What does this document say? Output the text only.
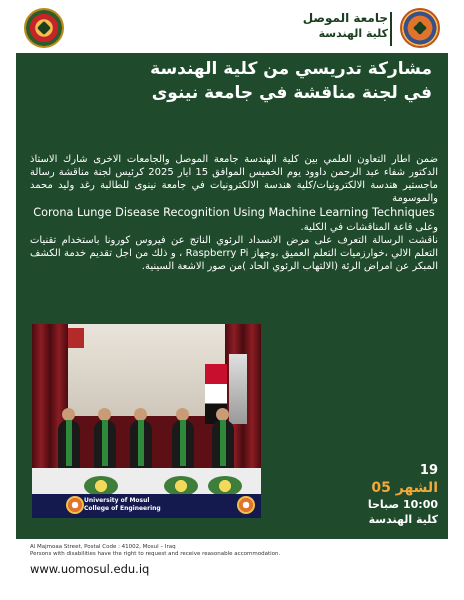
جامعة الموصل
كلية الهندسة
مشاركة تدريسي من كلية الهندسة
في لجنة مناقشة في جامعة نينوى

ضمن اطار التعاون العلمي بين كلية الهندسة جامعة الموصل والجامعات الاخرى شارك الاستاذ الدكتور شفاء عبد الرحمن داوود يوم الخميس الموافق 15 ايار 2025 كرئيس لجنة مناقشة رسالة ماجستير هندسة الالكترونيات/كلية هندسة الالكترونيات في جامعة نينوى للطالبة رغد وليد محمد والموسومة

Corona Lunge Disease Recognition Using Machine Learning Techniques

وعلى قاعة المناقشات في الكلية.

ناقشت الرسالة التعرف على مرض الانسداد الرئوي الناتج عن فيروس كورونا باستخدام تقنيات التعلم الالي ،خوارزميات التعلم العميق ،وجهاز Raspberry Pi ، و ذلك من اجل تقديم خدمة الكشف المبكر عن امراض الرئة (الالتهاب الرئوي الحاد )من صور الاشعة السينية.

University of Mosul
College of Engineering
19
الشهر 05
10:00 صباحا
كلية الهندسة
Al Majmoaa Street, Postal Code : 41002, Mosul – Iraq
Persons with disabilities have the right to request and receive reasonable accommodation.
www.uomosul.edu.iq
